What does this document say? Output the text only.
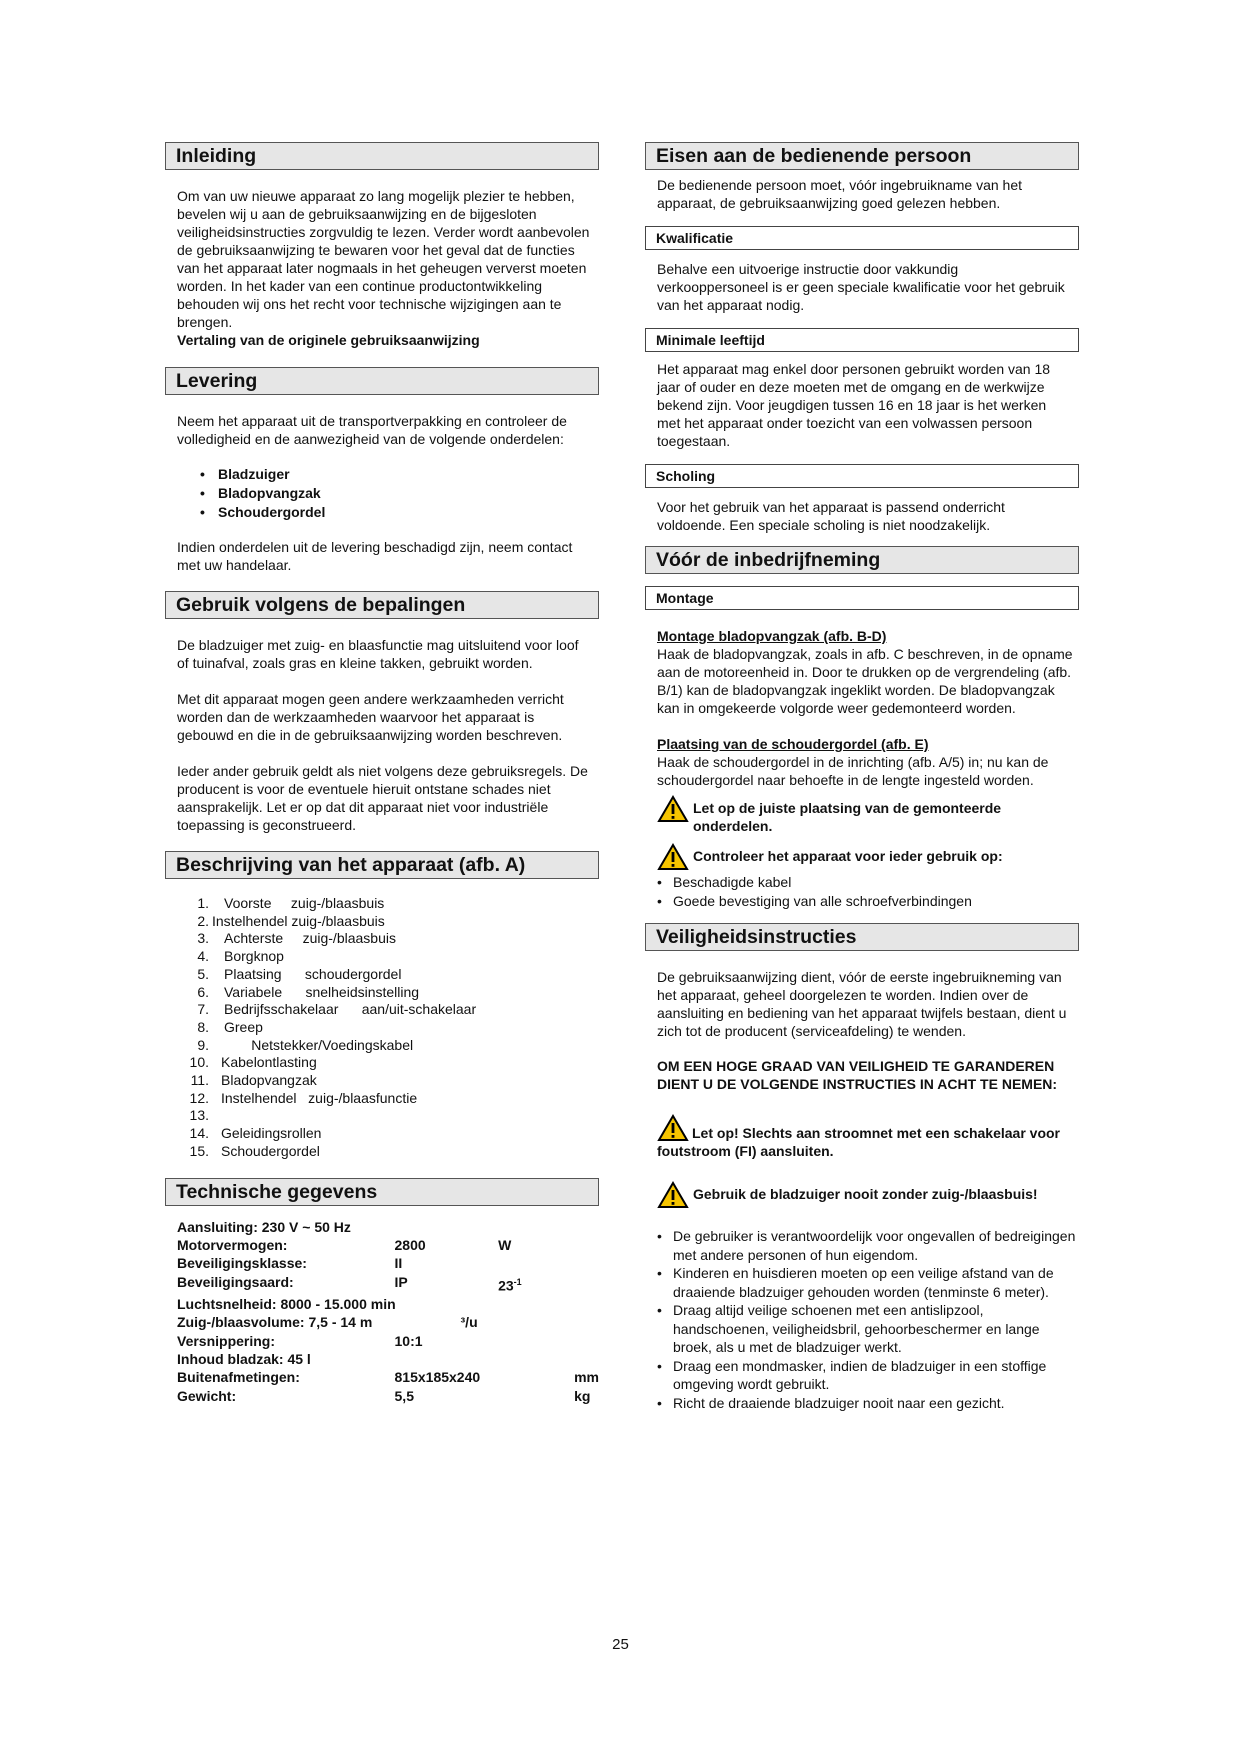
Inleiding
Om van uw nieuwe apparaat zo lang mogelijk plezier te hebben, bevelen wij u aan de gebruiksaanwijzing en de bijgesloten veiligheidsinstructies zorgvuldig te lezen. Verder wordt aanbevolen de gebruiksaanwijzing te bewaren voor het geval dat de functies van het apparaat later nogmaals in het geheugen ververst moeten worden. In het kader van een continue productontwikkeling behouden wij ons het recht voor technische wijzigingen aan te brengen.
Vertaling van de originele gebruiksaanwijzing
Levering
Neem het apparaat uit de transportverpakking en controleer de volledigheid en de aanwezigheid van de volgende onderdelen:
• Bladzuiger
• Bladopvangzak
• Schoudergordel
Indien onderdelen uit de levering beschadigd zijn, neem contact met uw handelaar.
Gebruik volgens de bepalingen
De bladzuiger met zuig- en blaasfunctie mag uitsluitend voor loof of tuinafval, zoals gras en kleine takken, gebruikt worden.
Met dit apparaat mogen geen andere werkzaamheden verricht worden dan de werkzaamheden waarvoor het apparaat is gebouwd en die in de gebruiksaanwijzing worden beschreven.
Ieder ander gebruik geldt als niet volgens deze gebruiksregels. De producent is voor de eventuele hieruit ontstane schades niet aansprakelijk. Let er op dat dit apparaat niet voor industriële toepassing is geconstrueerd.
Beschrijving van het apparaat (afb. A)
1.	Voorste     zuig-/blaasbuis
2. Instelhendel zuig-/blaasbuis
3.	Achterste     zuig-/blaasbuis
4.	Borgknop
5.	Plaatsing      schoudergordel
6.	Variabele      snelheidsinstelling
7.	Bedrijfsschakelaar      aan/uit-schakelaar
8.	Greep
9.	Netstekker/Voedingskabel
10. Kabelontlasting
11. Bladopvangzak
12. Instelhendel   zuig-/blaasfunctie
13.
14. Geleidingsrollen
15. Schoudergordel
Technische gegevens
Aansluiting: 230 V ~ 50 Hz		
Motorvermogen:	2800	W
Beveiligingsklasse:	II	
Beveiligingsaard:	IP	$23^{-1}$
Luchtsnelheid: 8000 - 15.000 min		
Zuig-/blaasvolume: 7,5 - 14 m	³/u	
Versnippering:	10:1	
Inhoud bladzak: 45 l		
Buitenafmetingen:	815x185x240	mm
Gewicht:	5,5	kg
Eisen aan de bedienende persoon
De bedienende persoon moet, vóór ingebruikname van het apparaat, de gebruiksaanwijzing goed gelezen hebben.
Kwalificatie
Behalve een uitvoerige instructie door vakkundig verkooppersoneel is er geen speciale kwalificatie voor het gebruik van het apparaat nodig.
Minimale leeftijd
Het apparaat mag enkel door personen gebruikt worden van 18 jaar of ouder en deze moeten met de omgang en de werkwijze bekend zijn. Voor jeugdigen tussen 16 en 18 jaar is het werken met het apparaat onder toezicht van een volwassen persoon toegestaan.
Scholing
Voor het gebruik van het apparaat is passend onderricht voldoende. Een speciale scholing is niet noodzakelijk.
Vóór de inbedrijfneming
Montage
Montage bladopvangzak (afb. B-D)
Haak de bladopvangzak, zoals in afb. C beschreven, in de opname aan de motoreenheid in. Door te drukken op de vergrendeling (afb. B/1) kan de bladopvangzak ingeklikt worden. De bladopvangzak kan in omgekeerde volgorde weer gedemonteerd worden.
Plaatsing van de schoudergordel (afb. E)
Haak de schoudergordel in de inrichting (afb. A/5) in; nu kan de schoudergordel naar behoefte in de lengte ingesteld worden.
Let op de juiste plaatsing van de gemonteerde onderdelen.
Controleer het apparaat voor ieder gebruik op:
• Beschadigde kabel
• Goede bevestiging van alle schroefverbindingen
Veiligheidsinstructies
De gebruiksaanwijzing dient, vóór de eerste ingebruikneming van het apparaat, geheel doorgelezen te worden. Indien over de aansluiting en bediening van het apparaat twijfels bestaan, dient u zich tot de producent (serviceafdeling) te wenden.
OM EEN HOGE GRAAD VAN VEILIGHEID TE GARANDEREN DIENT U DE VOLGENDE INSTRUCTIES IN ACHT TE NEMEN:
Let op! Slechts aan stroomnet met een schakelaar voor foutstroom (FI) aansluiten.
Gebruik de bladzuiger nooit zonder zuig-/blaasbuis!
• De gebruiker is verantwoordelijk voor ongevallen of bedreigingen met andere personen of hun eigendom.
• Kinderen en huisdieren moeten op een veilige afstand van de draaiende bladzuiger gehouden worden (tenminste 6 meter).
• Draag altijd veilige schoenen met een antislipzool, handschoenen, veiligheidsbril, gehoorbeschermer en lange broek, als u met de bladzuiger werkt.
• Draag een mondmasker, indien de bladzuiger in een stoffige omgeving wordt gebruikt.
• Richt de draaiende bladzuiger nooit naar een gezicht.
25
